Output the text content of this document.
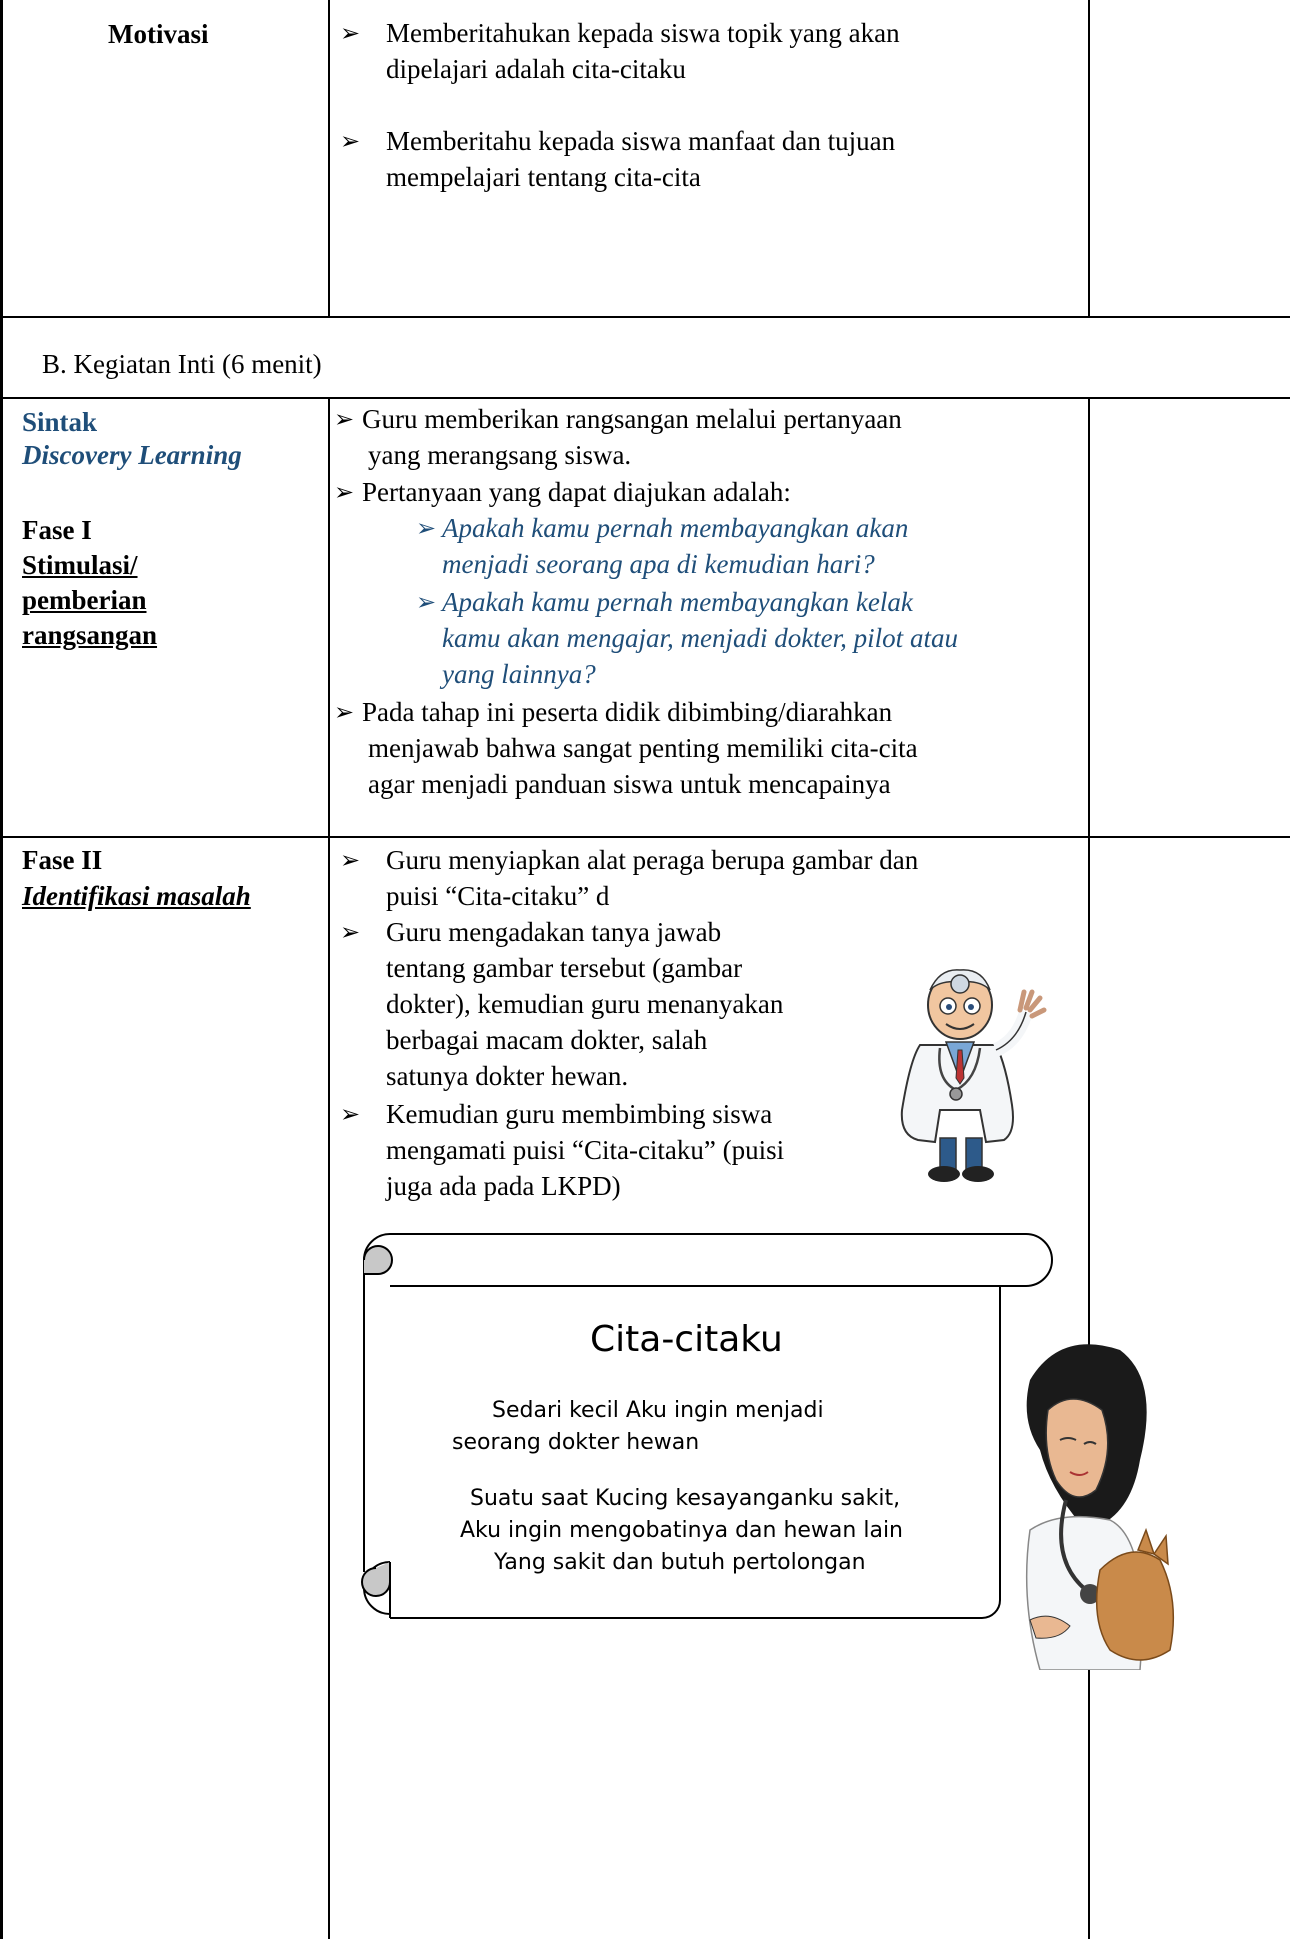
Motivasi	➢ Memberitahukan kepada siswa topik yang akan
dipelajari adalah cita-citaku
➢ Memberitahu kepada siswa manfaat dan tujuan
mempelajari tentang cita-cita
B. Kegiatan Inti (6 menit)
Sintak
Discovery Learning
Fase I
Stimulasi/
pemberian
rangsangan
➢ Guru memberikan rangsangan melalui pertanyaan
yang merangsang siswa.
➢ Pertanyaan yang dapat diajukan adalah:
➢ Apakah kamu pernah membayangkan akan
menjadi seorang apa di kemudian hari?
➢ Apakah kamu pernah membayangkan kelak
kamu akan mengajar, menjadi dokter, pilot atau
yang lainnya?
➢ Pada tahap ini peserta didik dibimbing/diarahkan
menjawab bahwa sangat penting memiliki cita-cita
agar menjadi panduan siswa untuk mencapainya
Fase II
Identifikasi masalah
➢ Guru menyiapkan alat peraga berupa gambar dan
puisi “Cita-citaku” d
➢ Guru mengadakan tanya jawab
tentang gambar tersebut (gambar
dokter), kemudian guru menanyakan
berbagai macam dokter, salah
satunya dokter hewan.
➢ Kemudian guru membimbing siswa
mengamati puisi “Cita-citaku” (puisi
juga ada pada LKPD)
Cita-citaku
Sedari kecil Aku ingin menjadi
seorang dokter hewan
Suatu saat Kucing kesayanganku sakit,
Aku ingin mengobatinya dan hewan lain
Yang sakit dan butuh pertolongan
